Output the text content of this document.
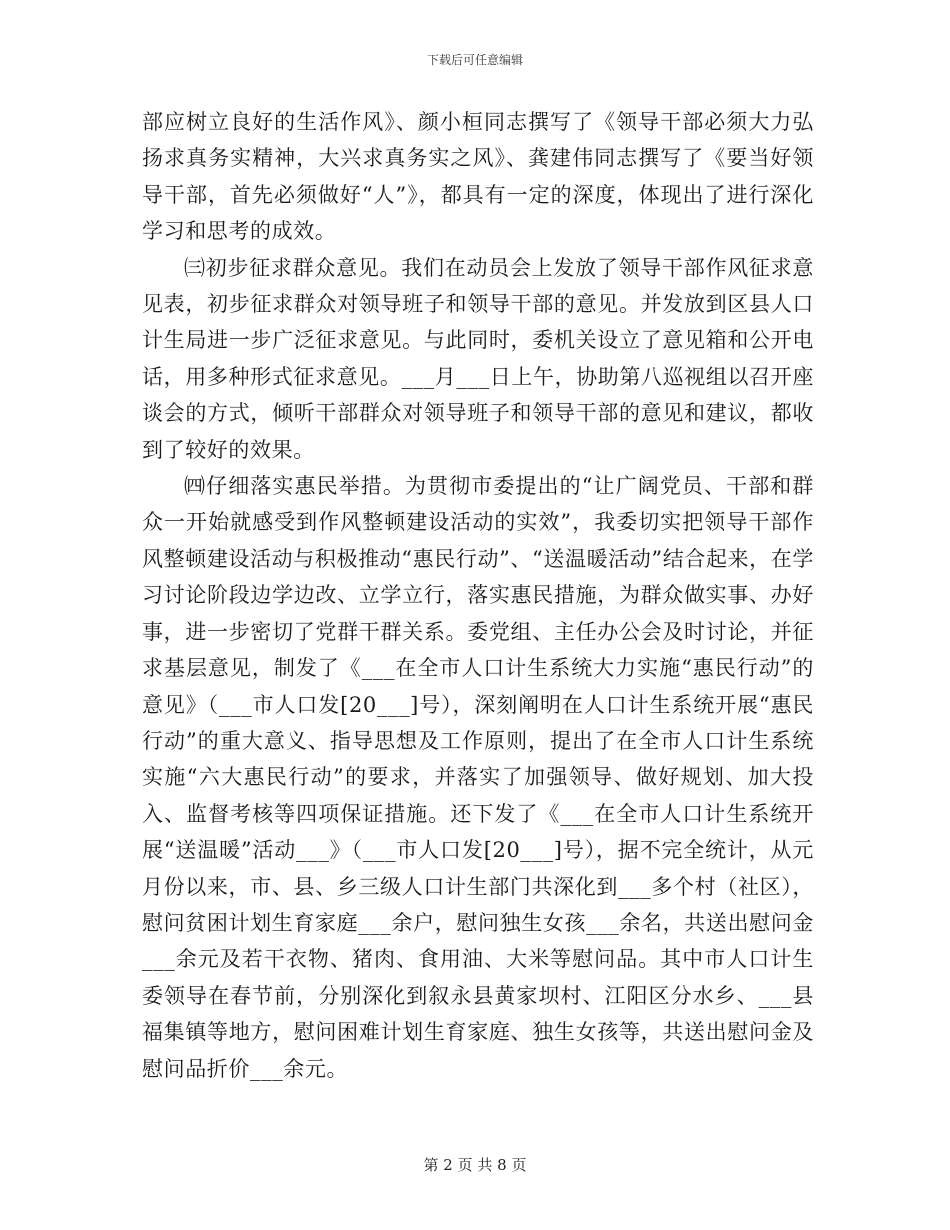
下载后可任意编辑

部应树立良好的生活作风》、颜小桓同志撰写了《领导干部必须大力弘扬求真务实精神，大兴求真务实之风》、龚建伟同志撰写了《要当好领导干部，首先必须做好“人”》，都具有一定的深度，体现出了进行深化学习和思考的成效。

㈢初步征求群众意见。我们在动员会上发放了领导干部作风征求意见表，初步征求群众对领导班子和领导干部的意见。并发放到区县人口计生局进一步广泛征求意见。与此同时，委机关设立了意见箱和公开电话，用多种形式征求意见。___月___日上午，协助第八巡视组以召开座谈会的方式，倾听干部群众对领导班子和领导干部的意见和建议，都收到了较好的效果。

㈣仔细落实惠民举措。为贯彻市委提出的“让广阔党员、干部和群众一开始就感受到作风整顿建设活动的实效”，我委切实把领导干部作风整顿建设活动与积极推动“惠民行动”、“送温暖活动”结合起来，在学习讨论阶段边学边改、立学立行，落实惠民措施，为群众做实事、办好事，进一步密切了党群干群关系。委党组、主任办公会及时讨论，并征求基层意见，制发了《___在全市人口计生系统大力实施“惠民行动”的意见》（___市人口发[20___]号），深刻阐明在人口计生系统开展“惠民行动”的重大意义、指导思想及工作原则，提出了在全市人口计生系统实施“六大惠民行动”的要求，并落实了加强领导、做好规划、加大投入、监督考核等四项保证措施。还下发了《___在全市人口计生系统开展“送温暖”活动___》（___市人口发[20___]号），据不完全统计，从元月份以来，市、县、乡三级人口计生部门共深化到___多个村（社区），慰问贫困计划生育家庭___余户，慰问独生女孩___余名，共送出慰问金___余元及若干衣物、猪肉、食用油、大米等慰问品。其中市人口计生委领导在春节前，分别深化到叙永县黄家坝村、江阳区分水乡、___县福集镇等地方，慰问困难计划生育家庭、独生女孩等，共送出慰问金及慰问品折价___余元。

第 2 页 共 8 页
